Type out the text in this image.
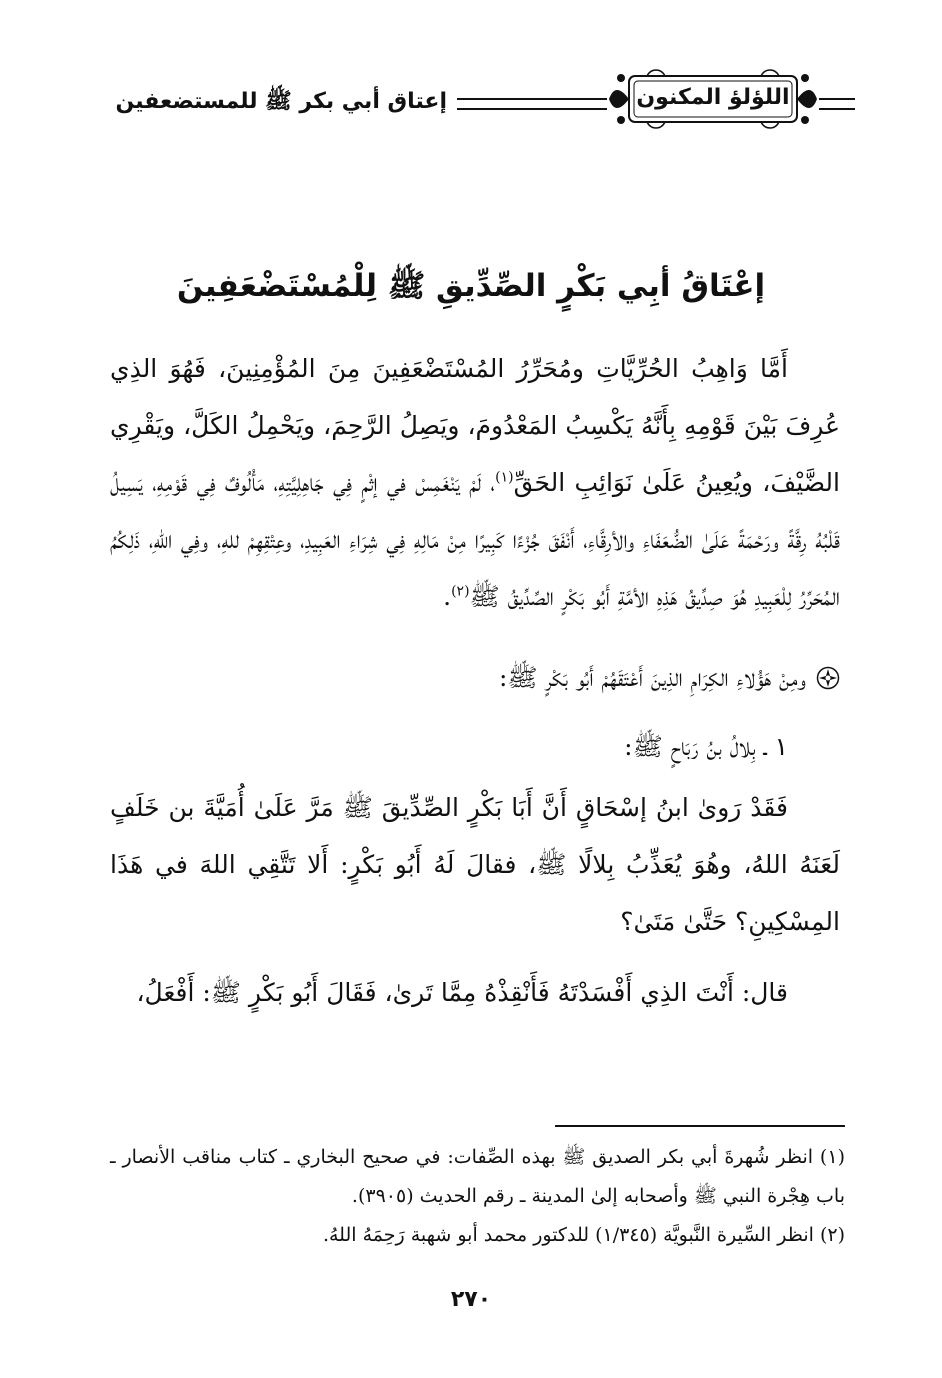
اللؤلؤ المكنون
إعتاق أبي بكر ﷺ للمستضعفين
إعْتَاقُ أبِي بَكْرٍ الصِّدِّيقِ ﷺ لِلْمُسْتَضْعَفِينَ

أَمَّا وَاهِبُ الحُرِّيَّاتِ ومُحَرِّرُ المُسْتَضْعَفِينَ مِنَ المُؤْمِنِينَ، فَهُوَ الذِي عُرِفَ بَيْنَ قَوْمِهِ بِأَنَّهُ يَكْسِبُ المَعْدُومَ، ويَصِلُ الرَّحِمَ، ويَحْمِلُ الكَلَّ، ويَقْرِي الضَّيْفَ، ويُعِينُ عَلَىٰ نَوَائِبِ الحَقِّ$^{(١)}$، لَمْ يَنْغَمِسْ في إثْمٍ فِي جَاهِلِيَّتِهِ، مَأْلُوفٌ فِي قَوْمِهِ، يَسِيلُ قَلْبُهُ رِقَّةً ورَحْمَةً عَلَىٰ الضُّعَفَاءِ والأرِقَّاءِ، أَنْفَقَ جُزْءًا كَبِيرًا مِنْ مَالِهِ فِي شِرَاءِ العَبِيدِ، وعِتْقِهِمْ للهِ، وفِي اللهِ، ذَلِكُمُ المُحَرِّرُ لِلْعَبِيدِ هُوَ صِدِّيقُ هَذِهِ الأمَّةِ أَبُو بَكْرٍ الصِّدِّيقُ ﷺ$^{(٢)}$.

ومِنْ هَؤُلاءِ الكِرَامِ الذِينَ أَعْتَقَهُمْ أَبُو بَكْرٍ ﷺ:

١ ـ بِلالُ بنُ رَبَاحٍ ﷺ:

فَقَدْ رَوىٰ ابنُ إسْحَاقٍ أَنَّ أَبَا بَكْرٍ الصِّدِّيقَ ﷺ مَرَّ عَلَىٰ أُمَيَّةَ بن خَلَفٍ لَعَنَهُ اللهُ، وهُوَ يُعَذِّبُ بِلالًا ﷺ، فقالَ لَهُ أَبُو بَكْرٍ: أَلا تَتَّقِي اللهَ في هَذَا المِسْكِينِ؟ حَتَّىٰ مَتَىٰ؟

قال: أَنْتَ الذِي أَفْسَدْتَهُ فَأَنْقِذْهُ مِمَّا تَرىٰ، فَقَالَ أَبُو بَكْرٍ ﷺ: أَفْعَلُ،

(١) انظر شُهرةَ أبي بكر الصديق ﷺ بهذه الصِّفات: في صحيح البخاري ـ كتاب مناقب الأنصار ـ باب هِجْرة النبي ﷺ وأصحابه إلىٰ المدينة ـ رقم الحديث (٣٩٠٥).

(٢) انظر السِّيرة النَّبويَّة (١/٣٤٥) للدكتور محمد أبو شهبة رَحِمَهُ اللهُ.

٢٧٠
